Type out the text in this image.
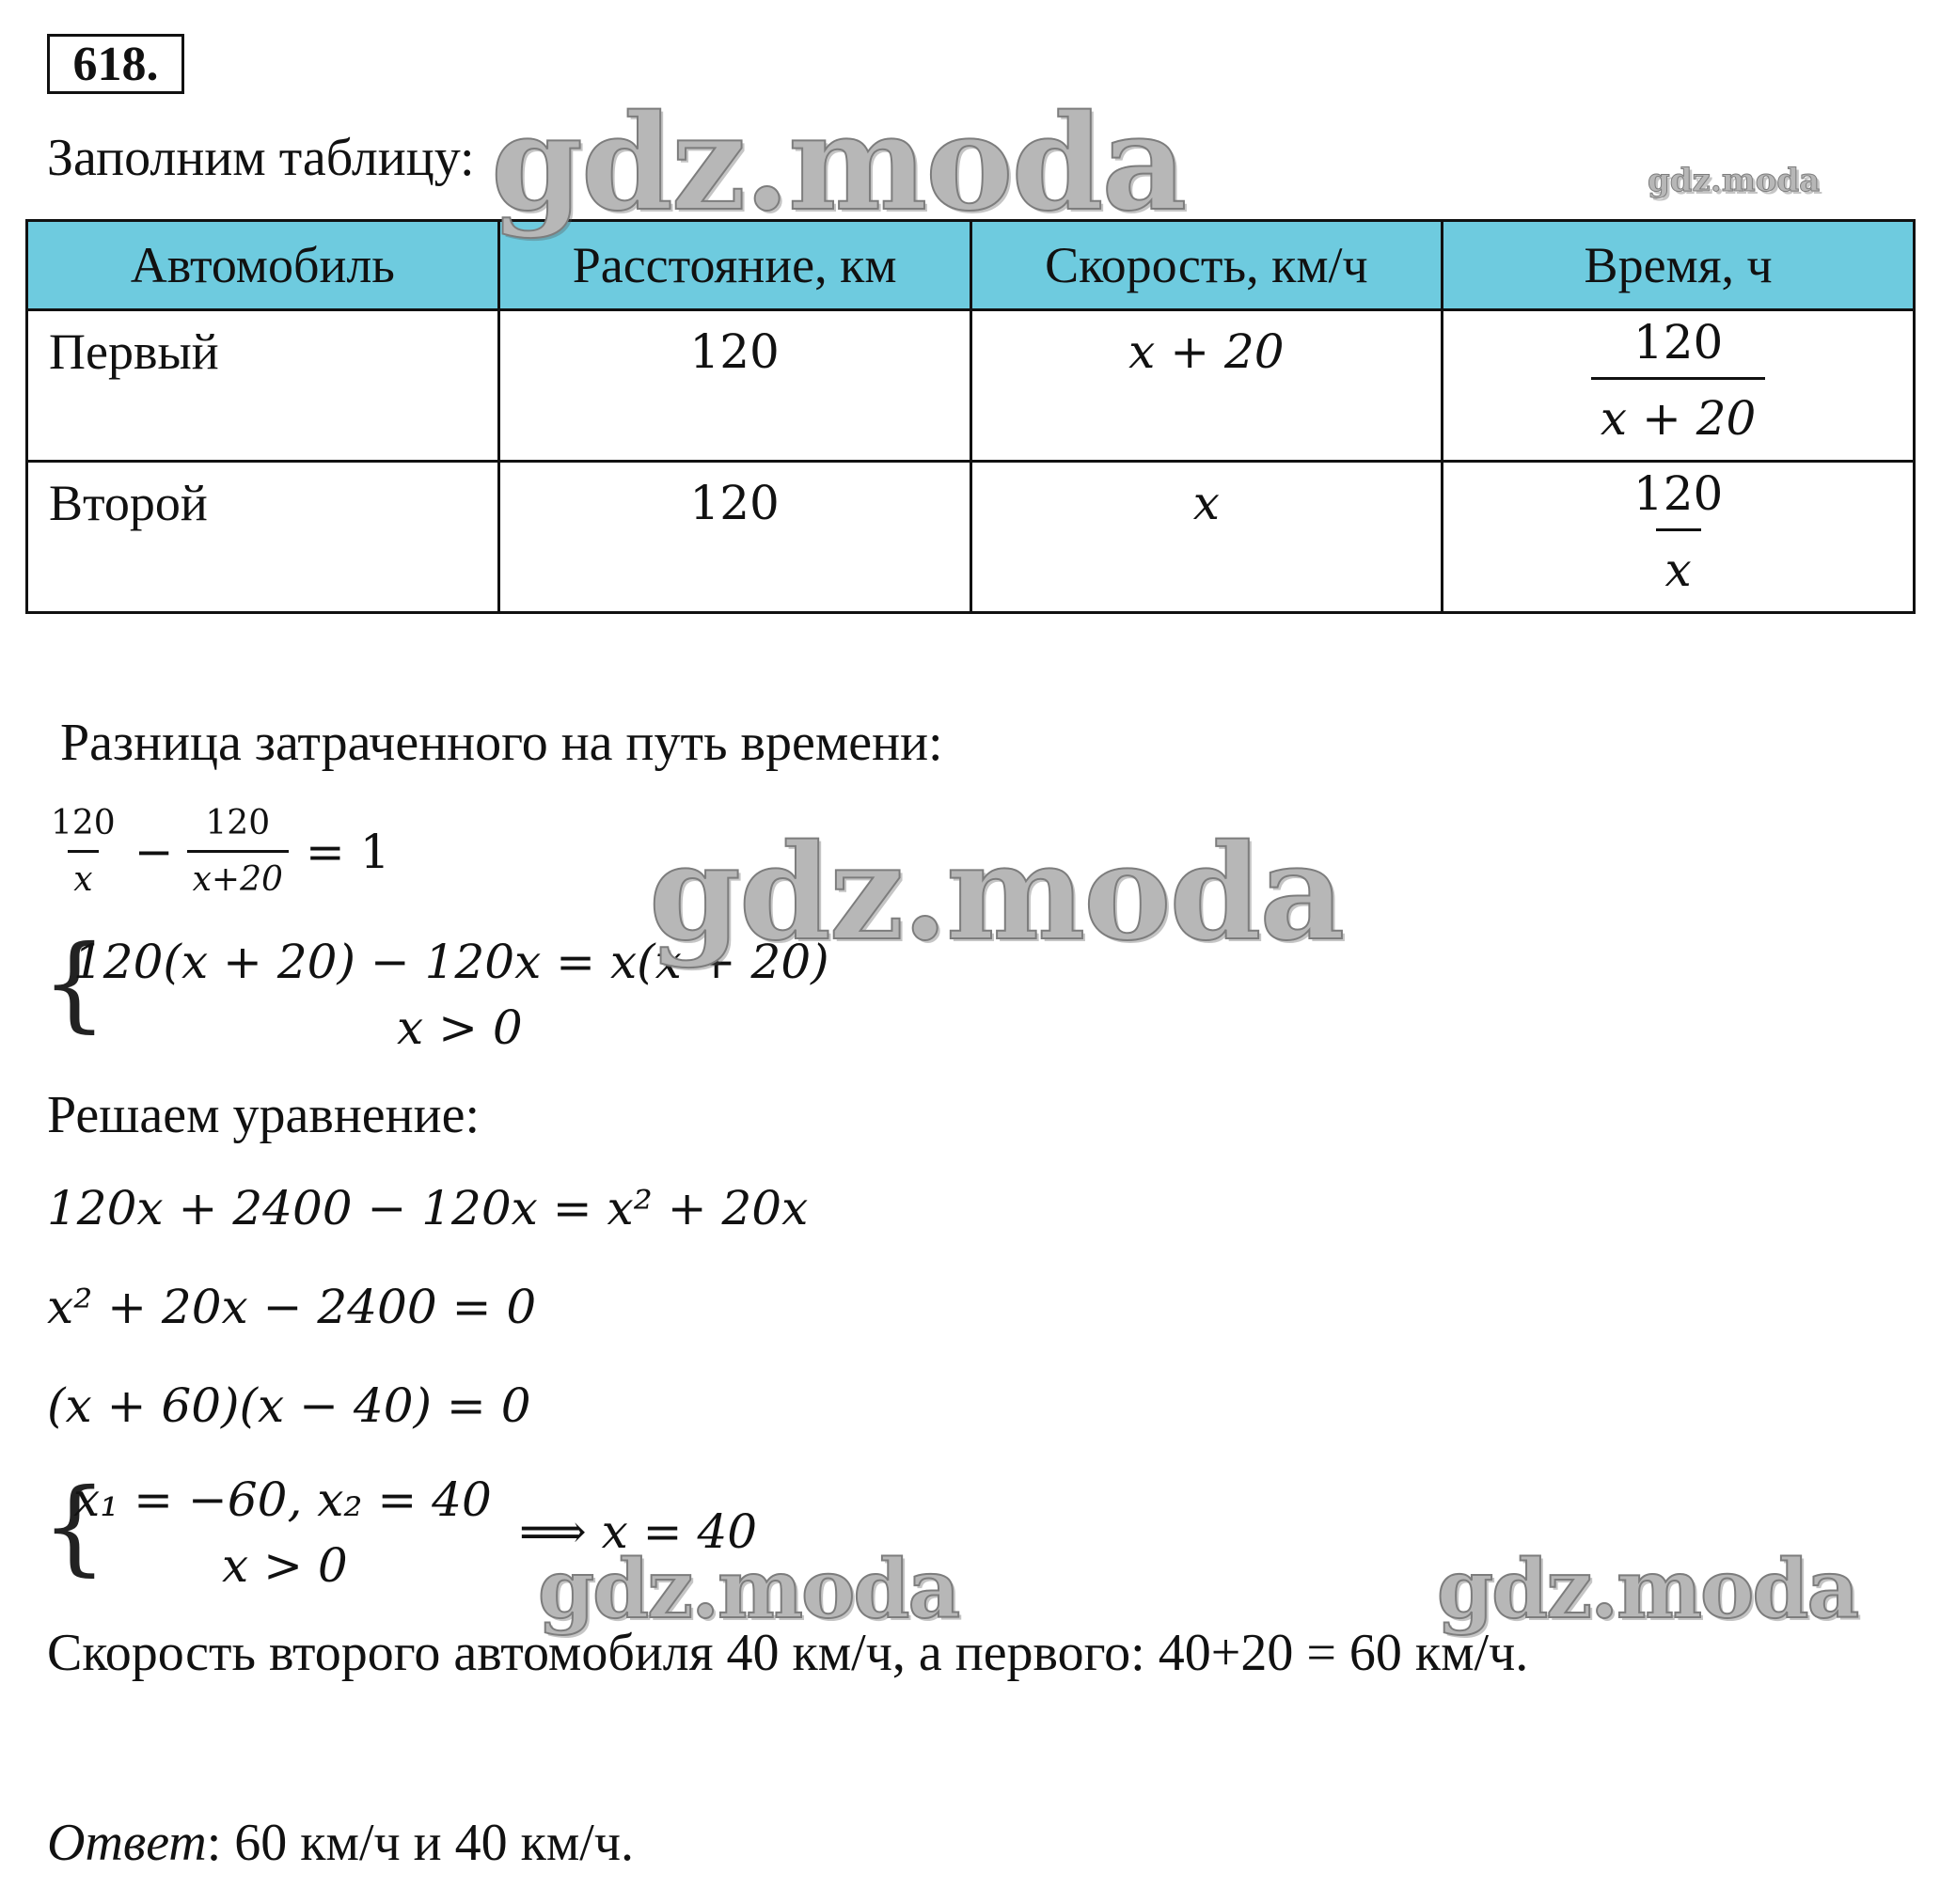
618.
Заполним таблицу:
Автомобиль	Расстояние, км	Скорость, км/ч	Время, ч

Первый	120	x + 20	$\frac{120}{x + 20}$

Второй	120	x	$\frac{120}{x}$
Разница затраченного на путь времени:
$\frac{120}{x} - \frac{120}{x+20} = 1$
{
120(x + 20) − 120x = x(x + 20)
x > 0
Решаем уравнение:
120x + 2400 − 120x = x² + 20x
x² + 20x − 2400 = 0
(x + 60)(x − 40) = 0
{
x₁ = −60, x₂ = 40
x > 0
⟹ x = 40
Скорость второго автомобиля 40 км/ч, а первого: 40+20 = 60 км/ч.
Ответ: 60 км/ч и 40 км/ч.
gdz.moda	gdz.moda
gdz.moda
gdz.moda	gdz.moda
